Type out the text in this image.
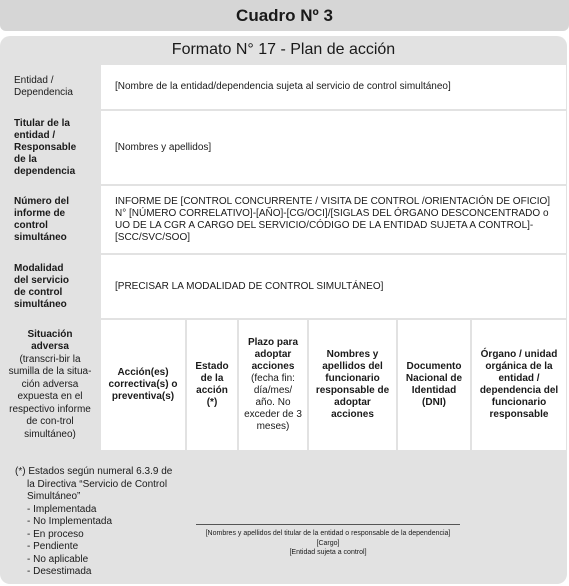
Cuadro Nº 3
Formato N° 17 - Plan de acción
Entidad / Dependencia
[Nombre de la entidad/dependencia sujeta al servicio de control simultáneo]
Titular de la entidad / Responsable de la dependencia
[Nombres y apellidos]
Número del informe de control simultáneo
INFORME DE [CONTROL CONCURRENTE / VISITA DE CONTROL /ORIENTACIÓN DE OFICIO] N° [NÚMERO CORRELATIVO]-[AÑO]-[CG/OCI]/[SIGLAS DEL ÓRGANO DESCONCENTRADO o UO DE LA CGR A CARGO DEL SERVICIO/CÓDIGO DE LA ENTIDAD SUJETA A CONTROL]-[SCC/SVC/SOO]
Modalidad del servicio de control simultáneo
[PRECISAR LA MODALIDAD DE CONTROL SIMULTÁNEO]
Situación adversa
(transcri-bir la sumilla de la situa-ción adversa expuesta en el respectivo informe de con-trol simultáneo)
Acción(es) correctiva(s) o preventiva(s)
Estado de la acción (*)
Plazo para adoptar acciones
(fecha fin: día/mes/ año. No exceder de 3 meses)
Nombres y apellidos del funcionario responsable de adoptar acciones
Documento Nacional de Identidad (DNI)
Órgano / unidad orgánica de la entidad / dependencia del funcionario responsable
(*) Estados según numeral 6.3.9 de
la Directiva “Servicio de Control
Simultáneo”
- Implementada
- No Implementada
- En proceso
- Pendiente
- No aplicable
- Desestimada
[Nombres y apellidos del titular de la entidad o responsable de la dependencia]
[Cargo]
[Entidad sujeta a control]
